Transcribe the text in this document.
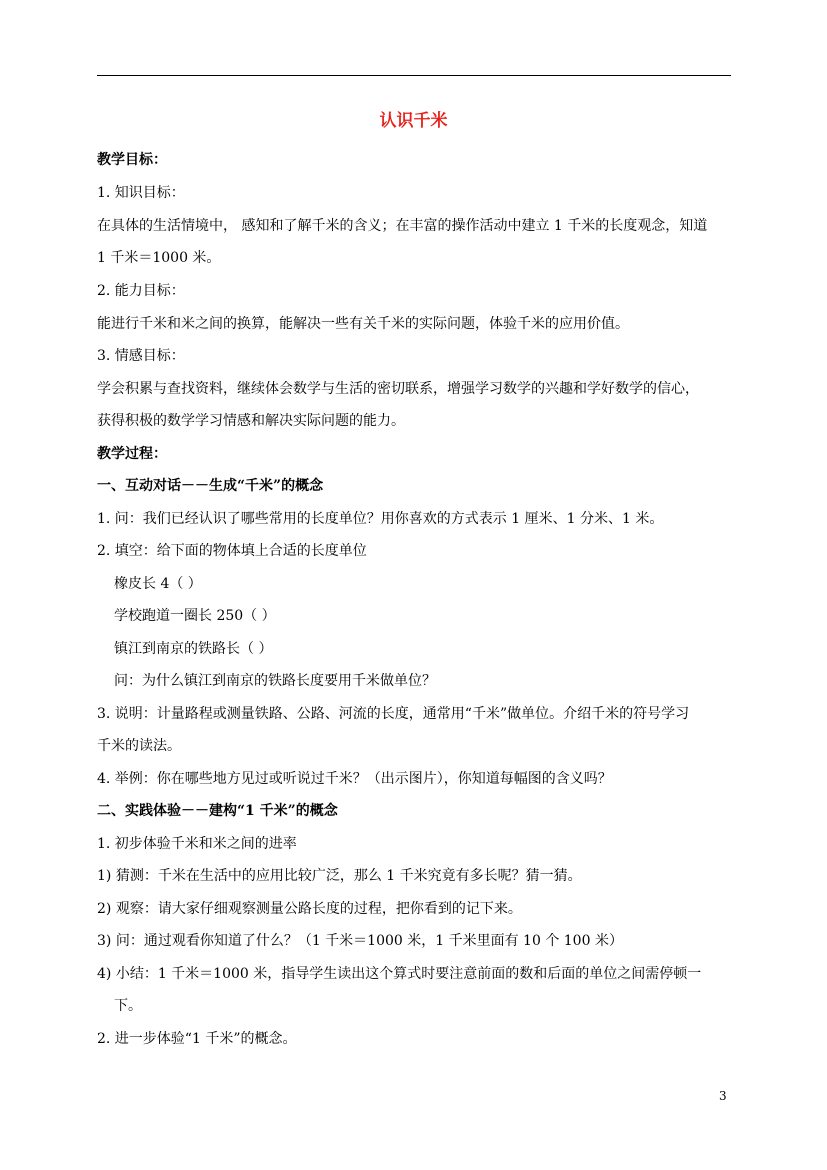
认识千米
教学目标：
1. 知识目标：
在具体的生活情境中， 感知和了解千米的含义；在丰富的操作活动中建立 1 千米的长度观念，知道
1 千米＝1000 米。
2. 能力目标：
能进行千米和米之间的换算，能解决一些有关千米的实际问题，体验千米的应用价值。
3. 情感目标：
学会积累与查找资料，继续体会数学与生活的密切联系，增强学习数学的兴趣和学好数学的信心，
获得积极的数学学习情感和解决实际问题的能力。
教学过程：
一、互动对话－－生成“千米”的概念
1. 问：我们已经认识了哪些常用的长度单位？用你喜欢的方式表示 1 厘米、1 分米、1 米。
2. 填空：给下面的物体填上合适的长度单位
橡皮长 4（ ）
学校跑道一圈长 250（ ）
镇江到南京的铁路长（ ）
问：为什么镇江到南京的铁路长度要用千米做单位？
3. 说明：计量路程或测量铁路、公路、河流的长度，通常用“千米”做单位。介绍千米的符号学习
千米的读法。
4. 举例：你在哪些地方见过或听说过千米？（出示图片），你知道每幅图的含义吗？
二、实践体验－－建构“1 千米”的概念
1. 初步体验千米和米之间的进率
1) 猜测：千米在生活中的应用比较广泛，那么 1 千米究竟有多长呢？猜一猜。
2) 观察：请大家仔细观察测量公路长度的过程，把你看到的记下来。
3) 问：通过观看你知道了什么？（1 千米＝1000 米，1 千米里面有 10 个 100 米）
4) 小结：1 千米＝1000 米，指导学生读出这个算式时要注意前面的数和后面的单位之间需停顿一
下。
2. 进一步体验“1 千米”的概念。
3
